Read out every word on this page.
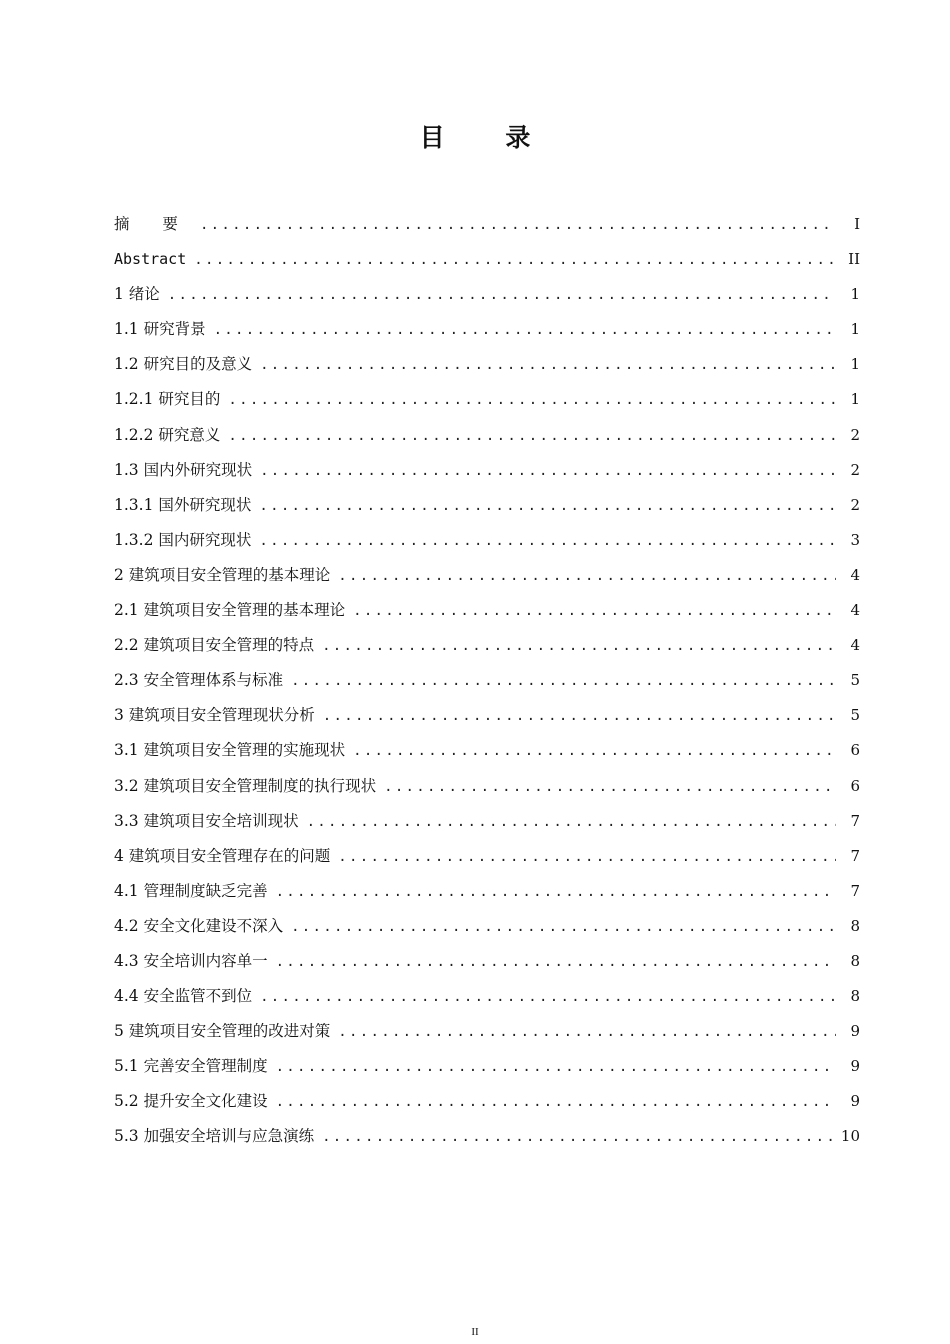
目 录
摘 要 .....	I
Abstract .....	II
1 绪论 .....	1
1.1 研究背景 .....	1
1.2 研究目的及意义 .....	1
1.2.1 研究目的 .....	1
1.2.2 研究意义 .....	2
1.3 国内外研究现状 .....	2
1.3.1 国外研究现状 .....	2
1.3.2 国内研究现状 .....	3
2 建筑项目安全管理的基本理论 .....	4
2.1 建筑项目安全管理的基本理论 .....	4
2.2 建筑项目安全管理的特点 .....	4
2.3 安全管理体系与标准 .....	5
3 建筑项目安全管理现状分析 .....	5
3.1 建筑项目安全管理的实施现状 .....	6
3.2 建筑项目安全管理制度的执行现状 .....	6
3.3 建筑项目安全培训现状 .....	7
4 建筑项目安全管理存在的问题 .....	7
4.1 管理制度缺乏完善 .....	7
4.2 安全文化建设不深入 .....	8
4.3 安全培训内容单一 .....	8
4.4 安全监管不到位 .....	8
5 建筑项目安全管理的改进对策 .....	9
5.1 完善安全管理制度 .....	9
5.2 提升安全文化建设 .....	9
5.3 加强安全培训与应急演练 .....	10
II
